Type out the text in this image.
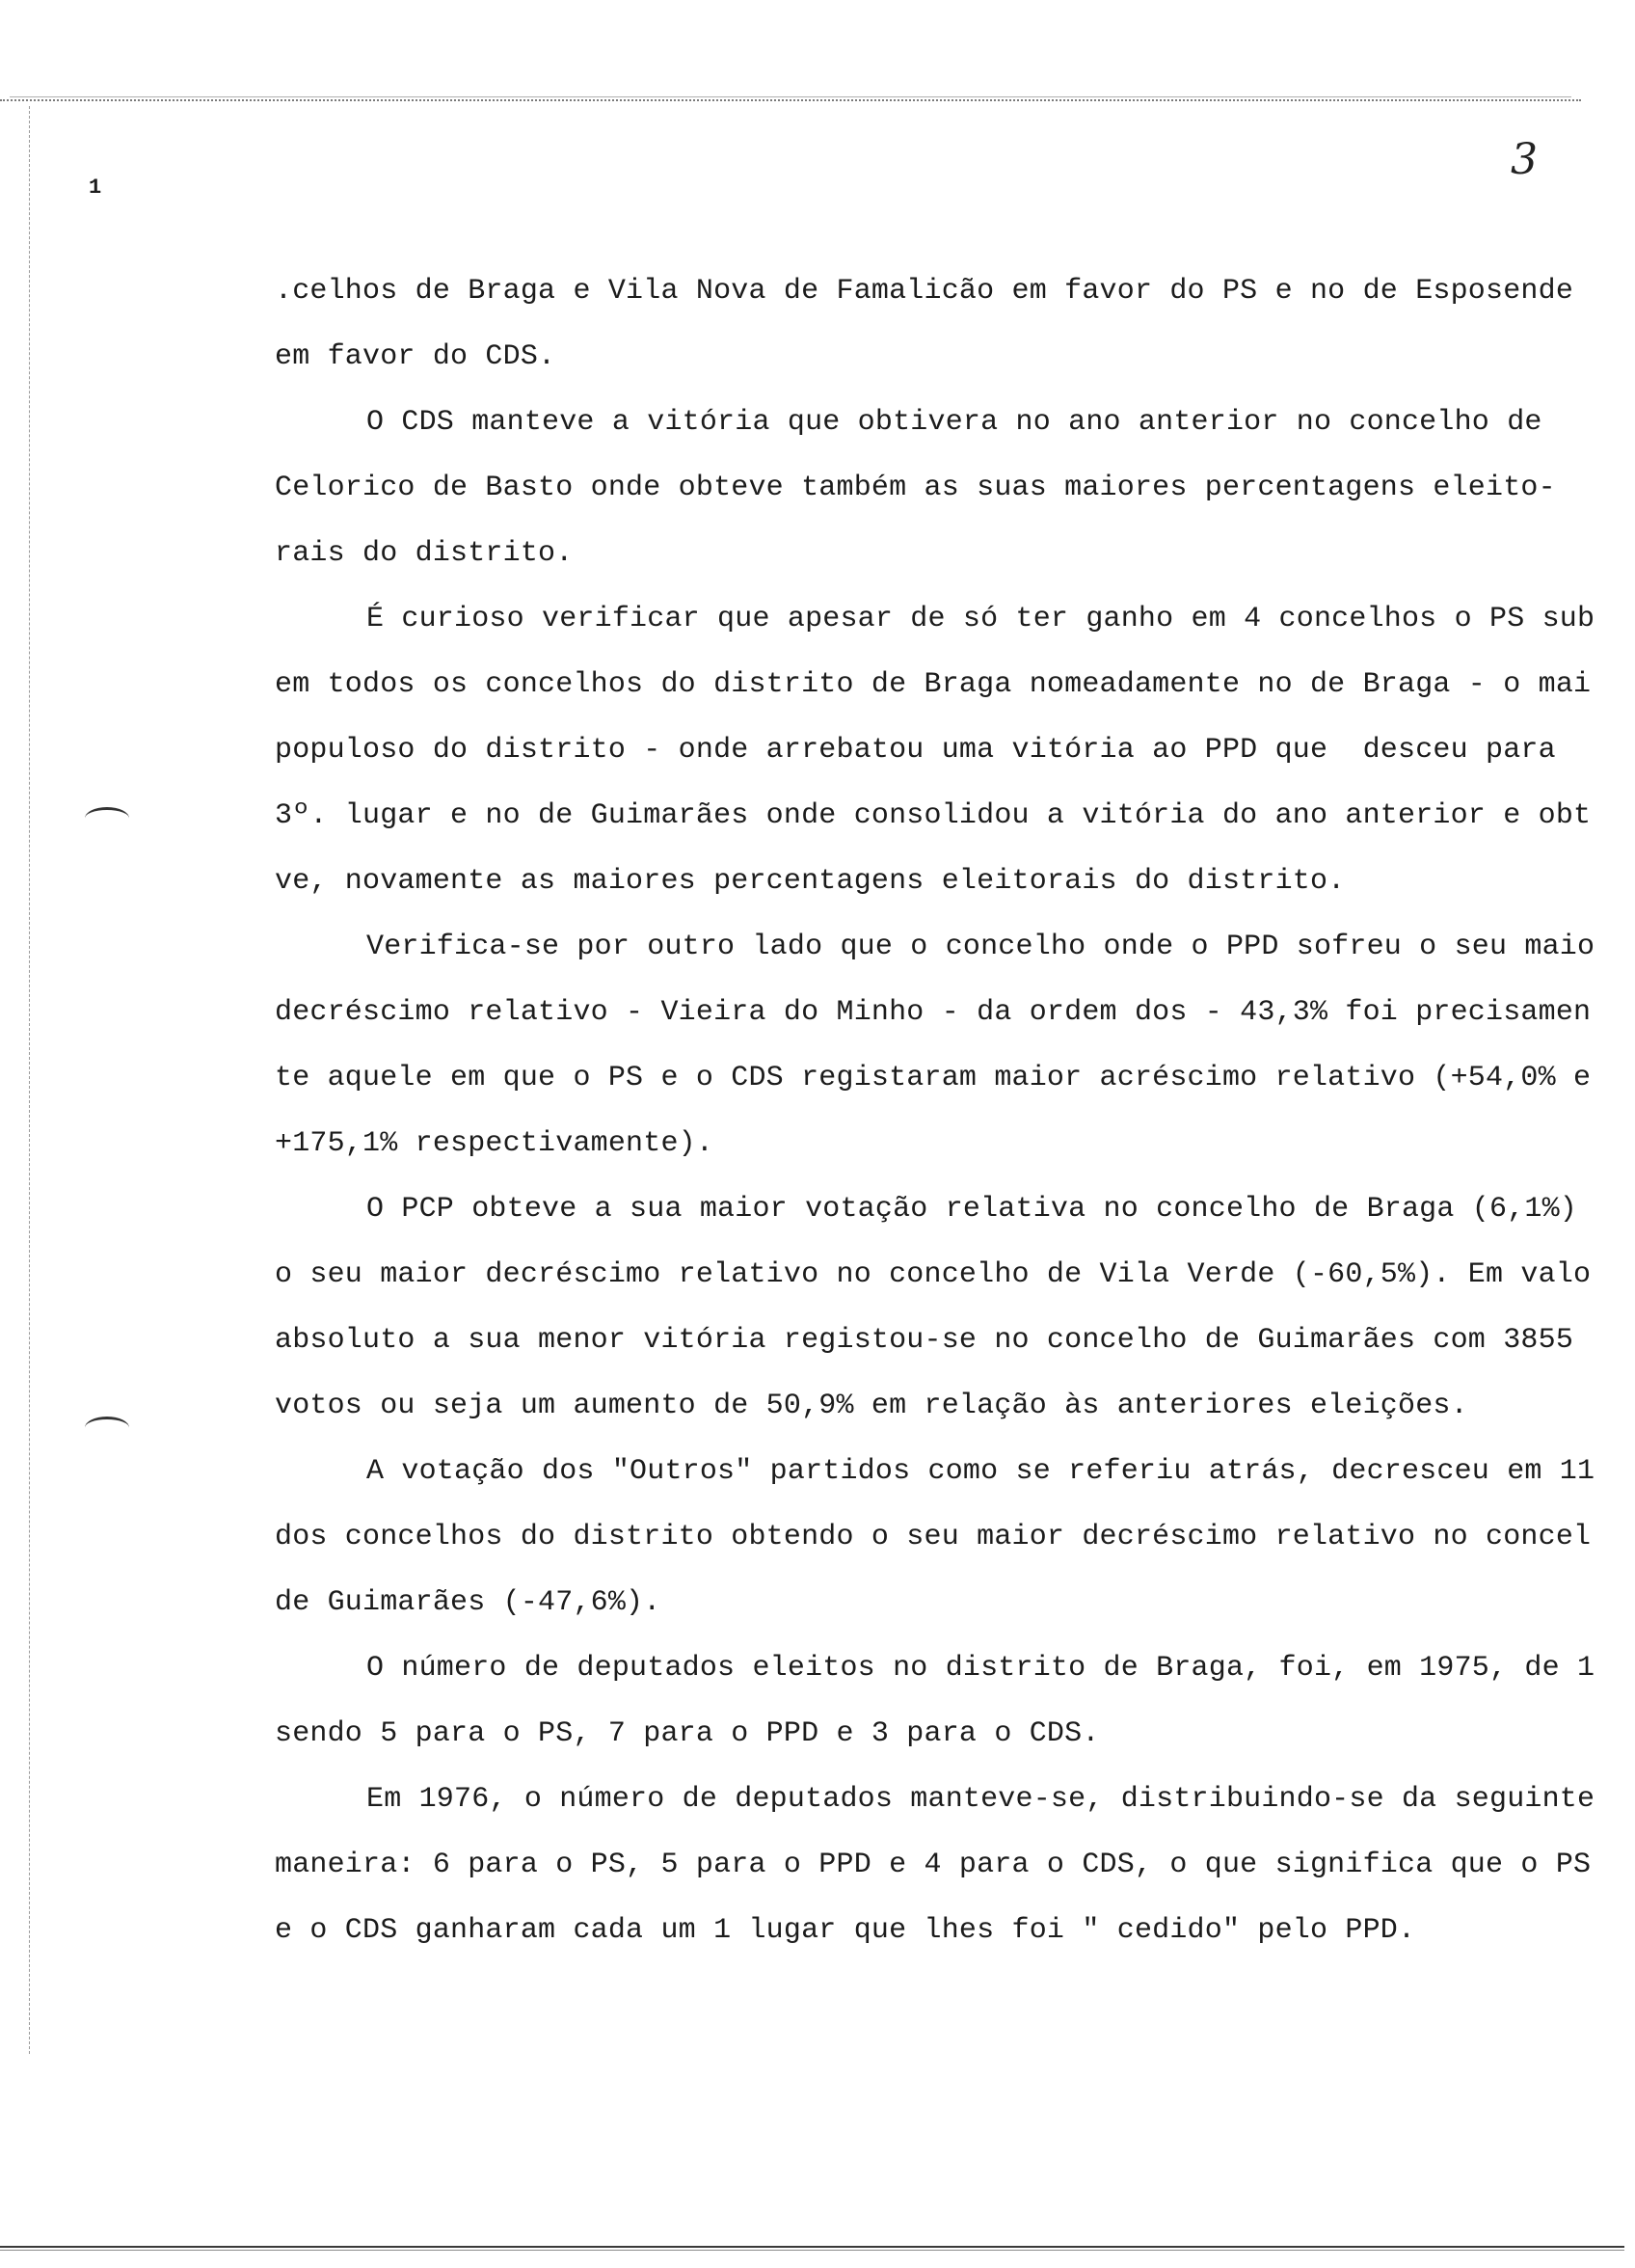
1
3
.celhos de Braga e Vila Nova de Famalicão em favor do PS e no de Esposende
em favor do CDS.
O CDS manteve a vitória que obtivera no ano anterior no concelho de
Celorico de Basto onde obteve também as suas maiores percentagens eleito-
rais do distrito.
É curioso verificar que apesar de só ter ganho em 4 concelhos o PS sub
em todos os concelhos do distrito de Braga nomeadamente no de Braga - o mai
populoso do distrito - onde arrebatou uma vitória ao PPD que  desceu para
3º. lugar e no de Guimarães onde consolidou a vitória do ano anterior e obt
ve, novamente as maiores percentagens eleitorais do distrito.
Verifica-se por outro lado que o concelho onde o PPD sofreu o seu maio
decréscimo relativo - Vieira do Minho - da ordem dos - 43,3% foi precisamen
te aquele em que o PS e o CDS registaram maior acréscimo relativo (+54,0% e
+175,1% respectivamente).
O PCP obteve a sua maior votação relativa no concelho de Braga (6,1%)
o seu maior decréscimo relativo no concelho de Vila Verde (-60,5%). Em valo
absoluto a sua menor vitória registou-se no concelho de Guimarães com 3855
votos ou seja um aumento de 50,9% em relação às anteriores eleições.
A votação dos "Outros" partidos como se referiu atrás, decresceu em 11
dos concelhos do distrito obtendo o seu maior decréscimo relativo no concel
de Guimarães (-47,6%).
O número de deputados eleitos no distrito de Braga, foi, em 1975, de 1
sendo 5 para o PS, 7 para o PPD e 3 para o CDS.
Em 1976, o número de deputados manteve-se, distribuindo-se da seguinte
maneira: 6 para o PS, 5 para o PPD e 4 para o CDS, o que significa que o PS
e o CDS ganharam cada um 1 lugar que lhes foi " cedido" pelo PPD.
